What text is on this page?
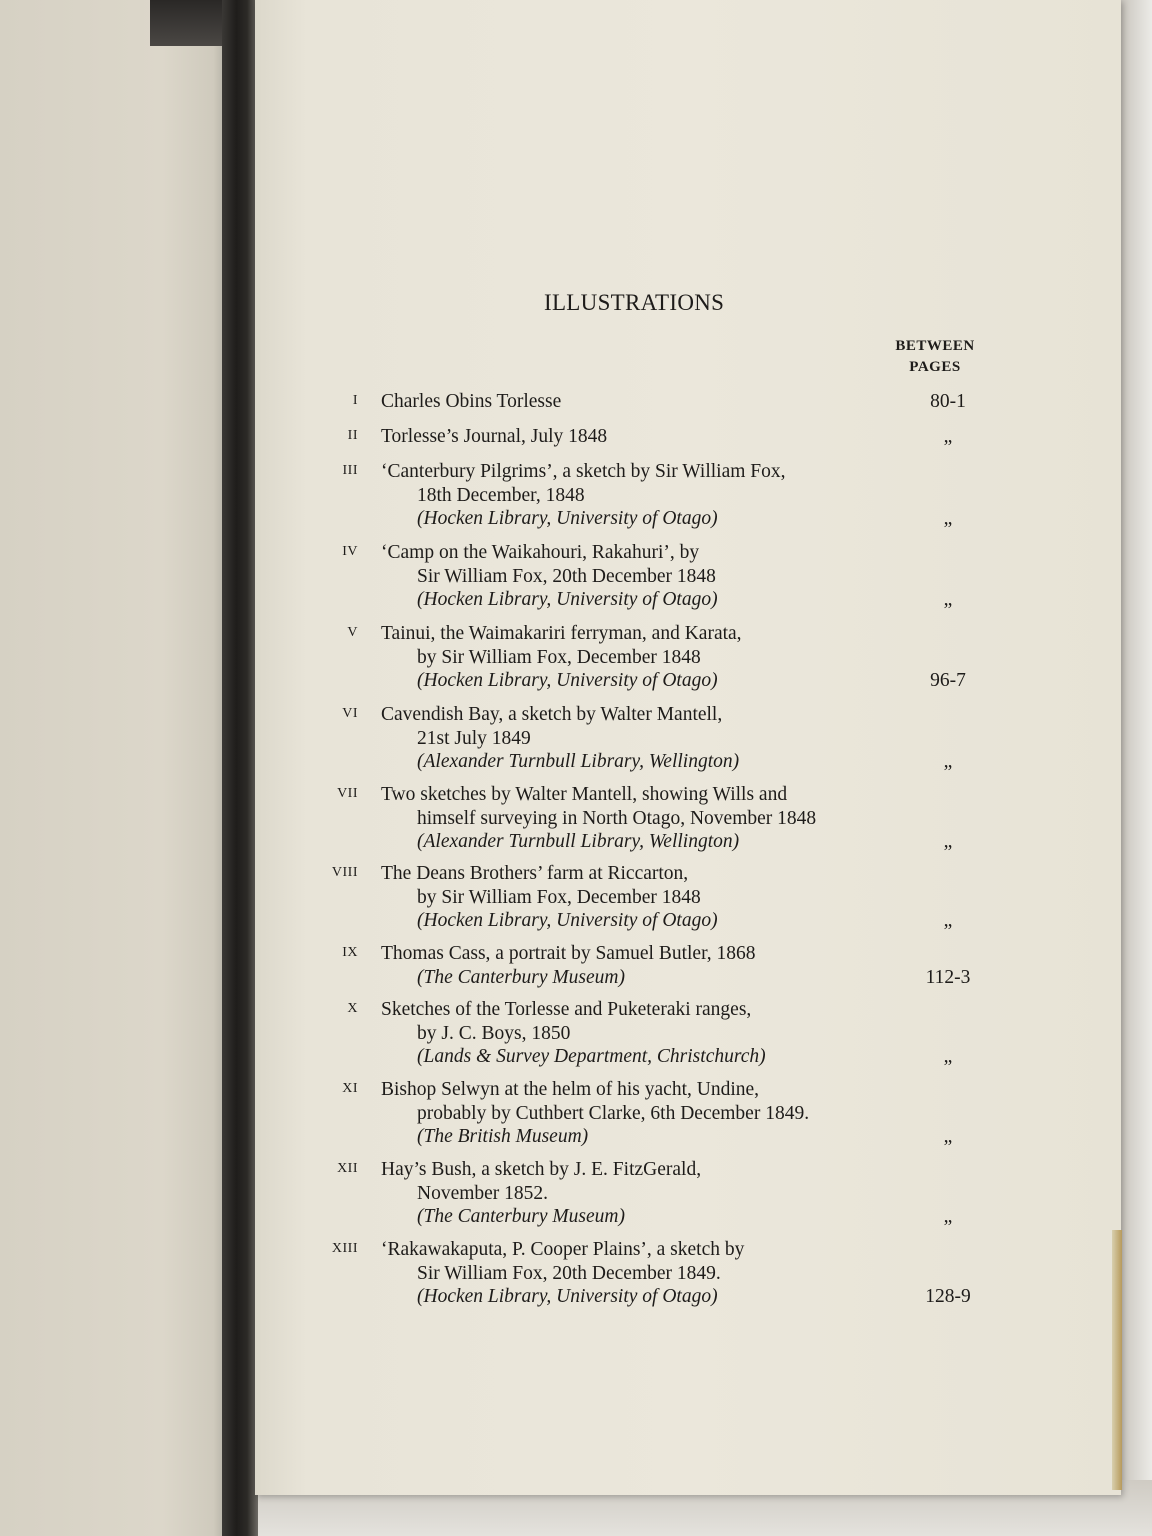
ILLUSTRATIONS
BETWEEN
PAGES
I Charles Obins Torlesse	80-1
II Torlesse’s Journal, July 1848	„
III ‘Canterbury Pilgrims’, a sketch by Sir William Fox,
18th December, 1848
(Hocken Library, University of Otago)	„
IV ‘Camp on the Waikahouri, Rakahuri’, by
Sir William Fox, 20th December 1848
(Hocken Library, University of Otago)	„
V Tainui, the Waimakariri ferryman, and Karata,
by Sir William Fox, December 1848
(Hocken Library, University of Otago)	96-7
VI Cavendish Bay, a sketch by Walter Mantell,
21st July 1849
(Alexander Turnbull Library, Wellington)	„
VII Two sketches by Walter Mantell, showing Wills and
himself surveying in North Otago, November 1848
(Alexander Turnbull Library, Wellington)	„
VIII The Deans Brothers’ farm at Riccarton,
by Sir William Fox, December 1848
(Hocken Library, University of Otago)	„
IX Thomas Cass, a portrait by Samuel Butler, 1868
(The Canterbury Museum)	112-3
X Sketches of the Torlesse and Puketeraki ranges,
by J. C. Boys, 1850
(Lands & Survey Department, Christchurch)	„
XI Bishop Selwyn at the helm of his yacht, Undine,
probably by Cuthbert Clarke, 6th December 1849.
(The British Museum)	„
XII Hay’s Bush, a sketch by J. E. FitzGerald,
November 1852.
(The Canterbury Museum)	„
XIII ‘Rakawakaputa, P. Cooper Plains’, a sketch by
Sir William Fox, 20th December 1849.
(Hocken Library, University of Otago)	128-9
